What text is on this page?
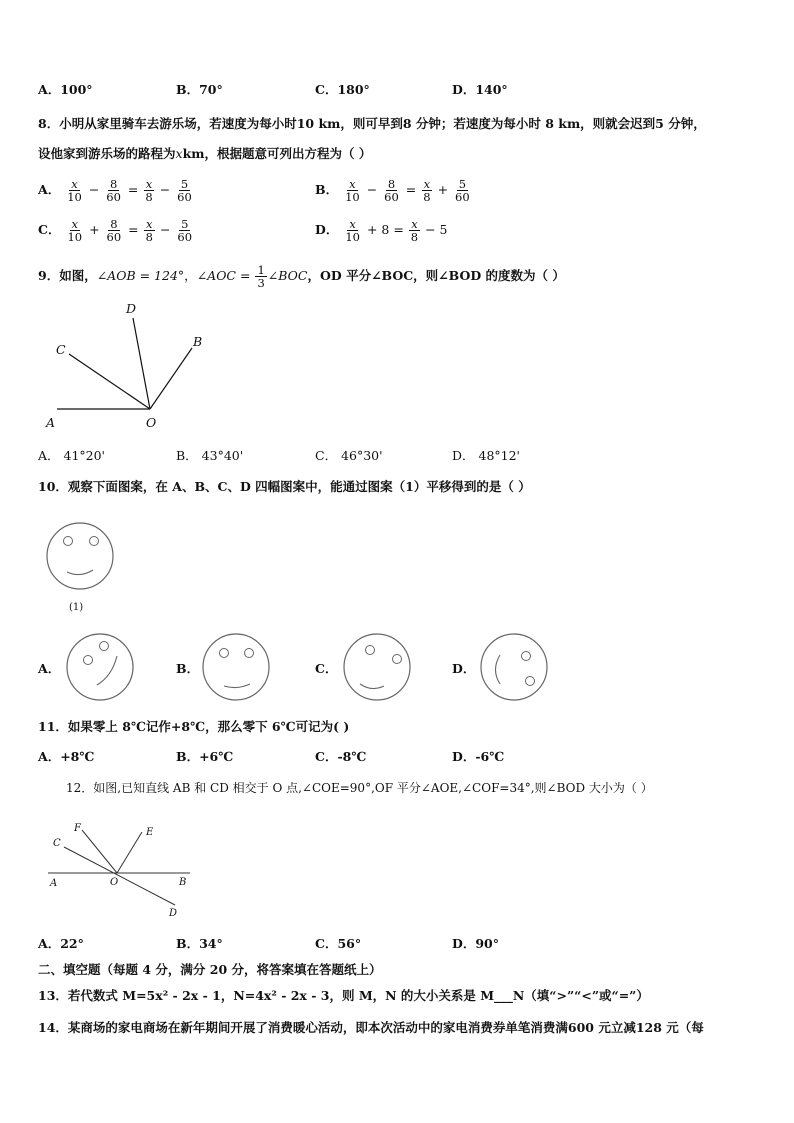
A．100°	B．70°	C．180°	D．140°
8．小明从家里骑车去游乐场，若速度为每小时10 km，则可早到8 分钟；若速度为每小时 8 km，则就会迟到5 分钟，
设他家到游乐场的路程为xkm，根据题意可列出方程为（ ）
A． $\frac{x}{10} - \frac{8}{60} = \frac{x}{8} - \frac{5}{60}$	B． $\frac{x}{10} - \frac{8}{60} = \frac{x}{8} + \frac{5}{60}$
C． $\frac{x}{10} + \frac{8}{60} = \frac{x}{8} - \frac{5}{60}$	D． $\frac{x}{10} + 8 = \frac{x}{8} - 5$
9．如图，∠AOB = 124°，∠AOC = $\frac{1}{3}$ ∠BOC，OD 平分∠BOC，则∠BOD 的度数为（ ）
A	O
B
C
D
A． 41°20'	B． 43°40'	C． 46°30'	D． 48°12'
10．观察下面图案，在 A、B、C、D 四幅图案中，能通过图案（1）平移得到的是（ ）
(1)
A．	B．	C．	D．
11．如果零上 8℃记作+8℃，那么零下 6℃可记为( )
A．+8℃	B．+6℃	C．-8℃	D．-6℃
12．如图,已知直线 AB 和 CD 相交于 O 点,∠COE=90°,OF 平分∠AOE,∠COF=34°,则∠BOD 大小为（ ）
F	E
C
A	O	B
D
A．22°	B．34°	C．56°	D．90°
二、填空题（每题 4 分，满分 20 分，将答案填在答题纸上）
13．若代数式 M=5x² - 2x - 1，N=4x² - 2x - 3，则 M，N 的大小关系是 M___N（填“>”“<”或“=”）
14．某商场的家电商场在新年期间开展了消费暖心活动，即本次活动中的家电消费券单笔消费满600 元立减128 元（每
